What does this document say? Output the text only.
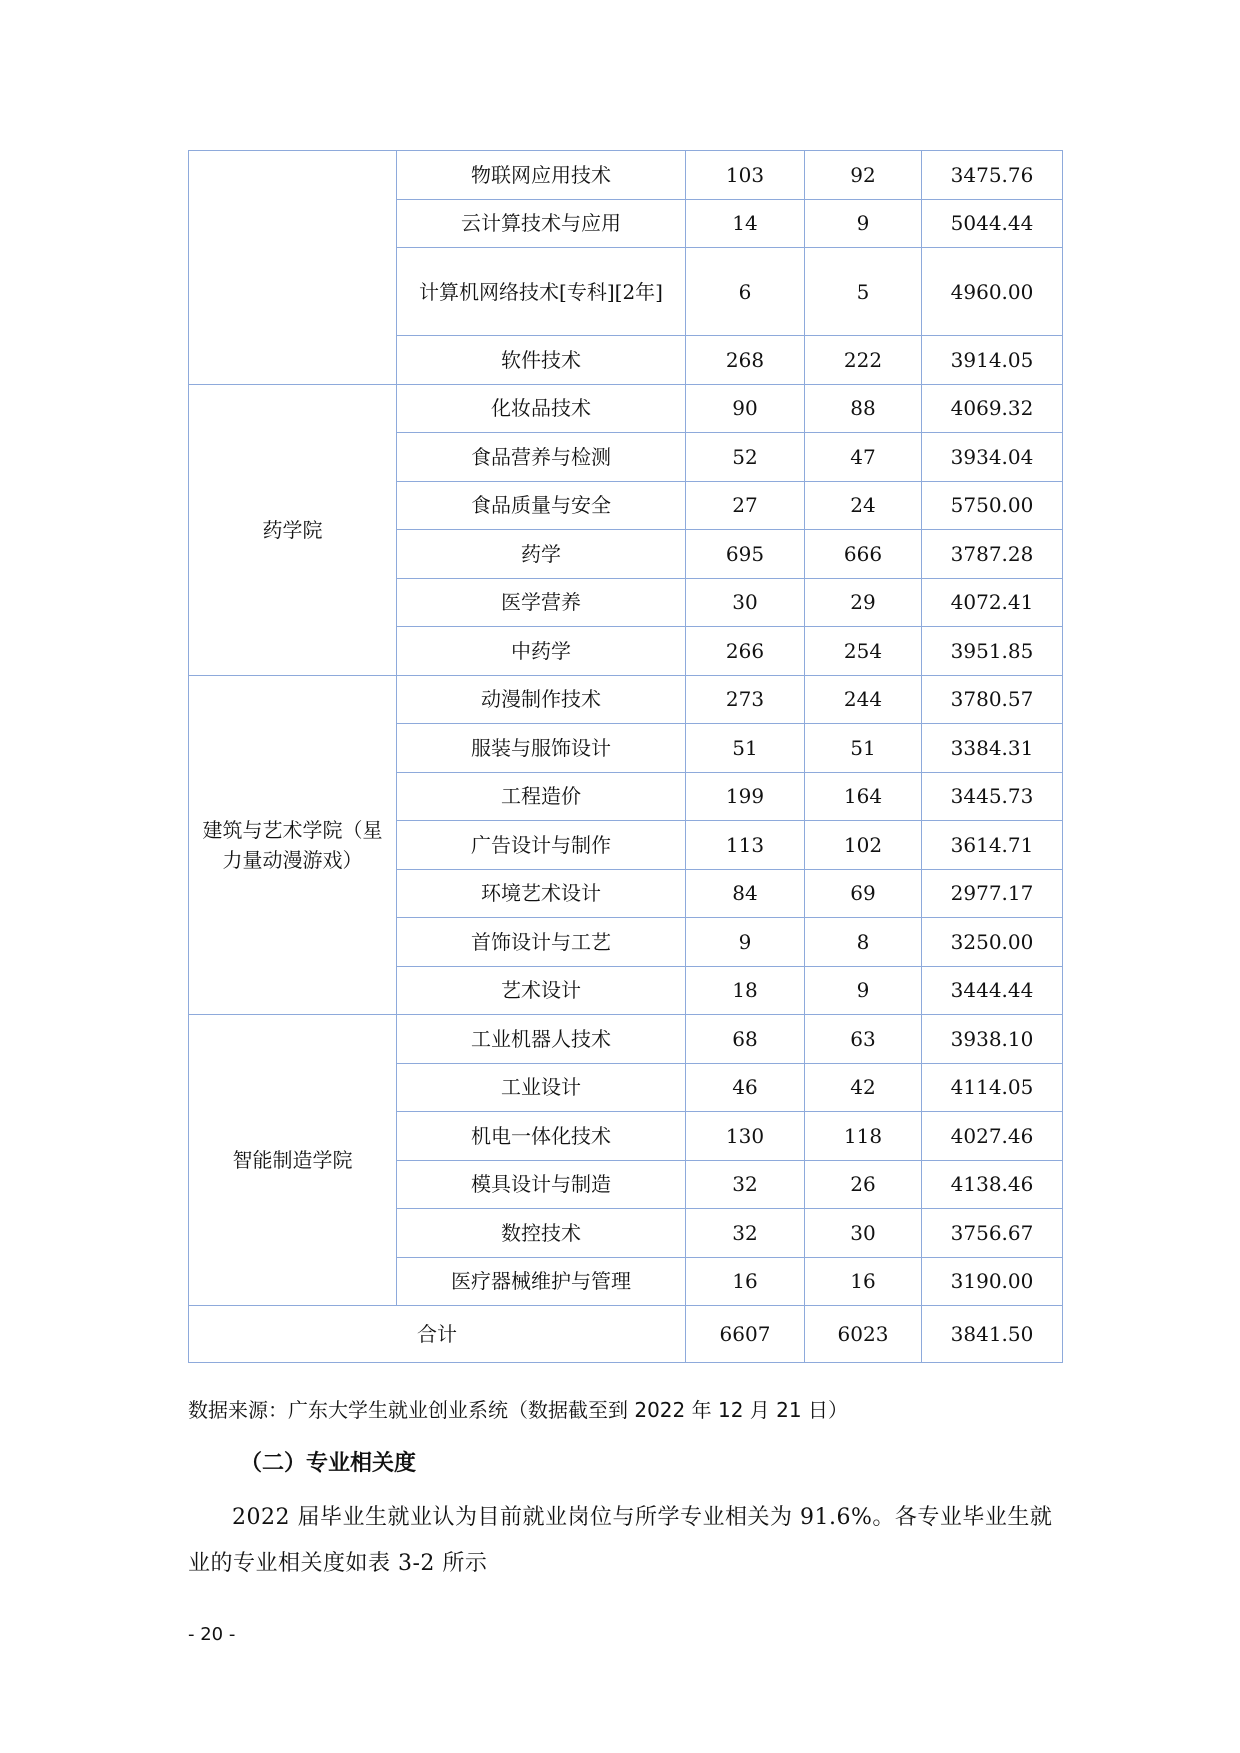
	物联网应用技术	103	92	3475.76
	云计算技术与应用	14	9	5044.44
	计算机网络技术[专科][2年]	6	5	4960.00
	软件技术	268	222	3914.05
药学院	化妆品技术	90	88	4069.32
	食品营养与检测	52	47	3934.04
	食品质量与安全	27	24	5750.00
	药学	695	666	3787.28
	医学营养	30	29	4072.41
	中药学	266	254	3951.85
建筑与艺术学院（星力量动漫游戏）	动漫制作技术	273	244	3780.57
	服装与服饰设计	51	51	3384.31
	工程造价	199	164	3445.73
	广告设计与制作	113	102	3614.71
	环境艺术设计	84	69	2977.17
	首饰设计与工艺	9	8	3250.00
	艺术设计	18	9	3444.44
智能制造学院	工业机器人技术	68	63	3938.10
	工业设计	46	42	4114.05
	机电一体化技术	130	118	4027.46
	模具设计与制造	32	26	4138.46
	数控技术	32	30	3756.67
	医疗器械维护与管理	16	16	3190.00
合计		6607	6023	3841.50
数据来源：广东大学生就业创业系统（数据截至到 2022 年 12 月 21 日）
（二）专业相关度
2022 届毕业生就业认为目前就业岗位与所学专业相关为 91.6%。各专业毕业生就业的专业相关度如表 3-2 所示
- 20 -
